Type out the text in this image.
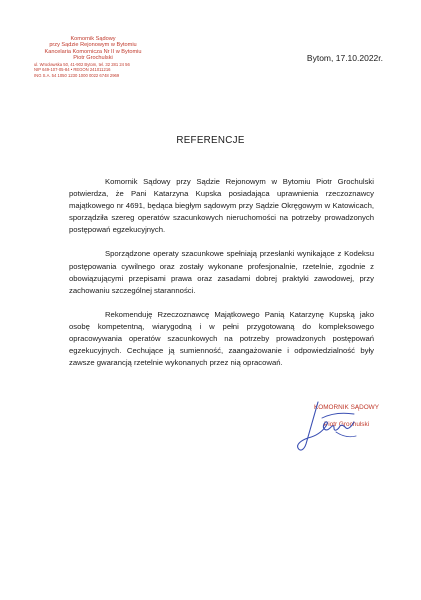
Komornik Sądowy
przy Sądzie Rejonowym w Bytomiu
Kancelaria Komornicza Nr II w Bytomiu
Piotr Grochulski
ul. Wrocławska 50, 41-902 Bytom, tel. 32 281 24 56
NIP 649-107-05-84 • REGON 241011216
ING S.A. 54 1050 1230 1000 0022 6748 2969
Bytom, 17.10.2022r.
REFERENCJE

Komornik Sądowy przy Sądzie Rejonowym w Bytomiu Piotr Grochulski potwierdza, że Pani Katarzyna Kupska posiadająca uprawnienia rzeczoznawcy majątkowego nr 4691, będąca biegłym sądowym przy Sądzie Okręgowym w Katowicach, sporządziła szereg operatów szacunkowych nieruchomości na potrzeby prowadzonych postępowań egzekucyjnych.

Sporządzone operaty szacunkowe spełniają przesłanki wynikające z Kodeksu postępowania cywilnego oraz zostały wykonane profesjonalnie, rzetelnie, zgodnie z obowiązującymi przepisami prawa oraz zasadami dobrej praktyki zawodowej, przy zachowaniu szczególnej staranności.

Rekomenduję Rzeczoznawcę Majątkowego Panią Katarzynę Kupską jako osobę kompetentną, wiarygodną i w pełni przygotowaną do kompleksowego opracowywania operatów szacunkowych na potrzeby prowadzonych postępowań egzekucyjnych. Cechujące ją sumienność, zaangażowanie i odpowiedzialność były zawsze gwarancją rzetelnie wykonanych przez nią opracowań.

KOMORNIK SĄDOWY

Piotr Grochulski
